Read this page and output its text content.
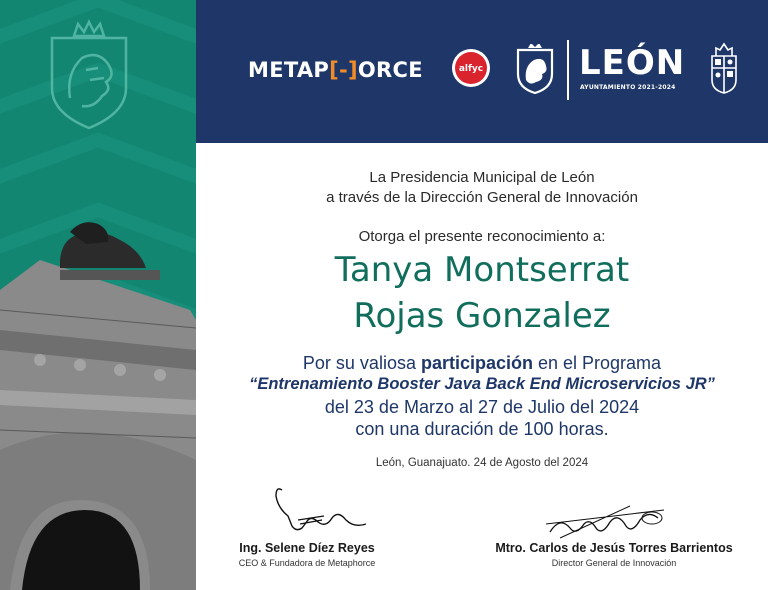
METAP[-]ORCE	alfyc	LEÓN
AYUNTAMIENTO 2021-2024
La Presidencia Municipal de León
a través de la Dirección General de Innovación
Otorga el presente reconocimiento a:
Tanya Montserrat
Rojas Gonzalez
Por su valiosa participación en el Programa
“Entrenamiento Booster Java Back End Microservicios JR”
del 23 de Marzo al 27 de Julio del 2024
con una duración de 100 horas.
León, Guanajuato. 24 de Agosto del 2024
Ing. Selene Díez Reyes
CEO & Fundadora de Metaphorce
Mtro. Carlos de Jesús Torres Barrientos
Director General de Innovación
